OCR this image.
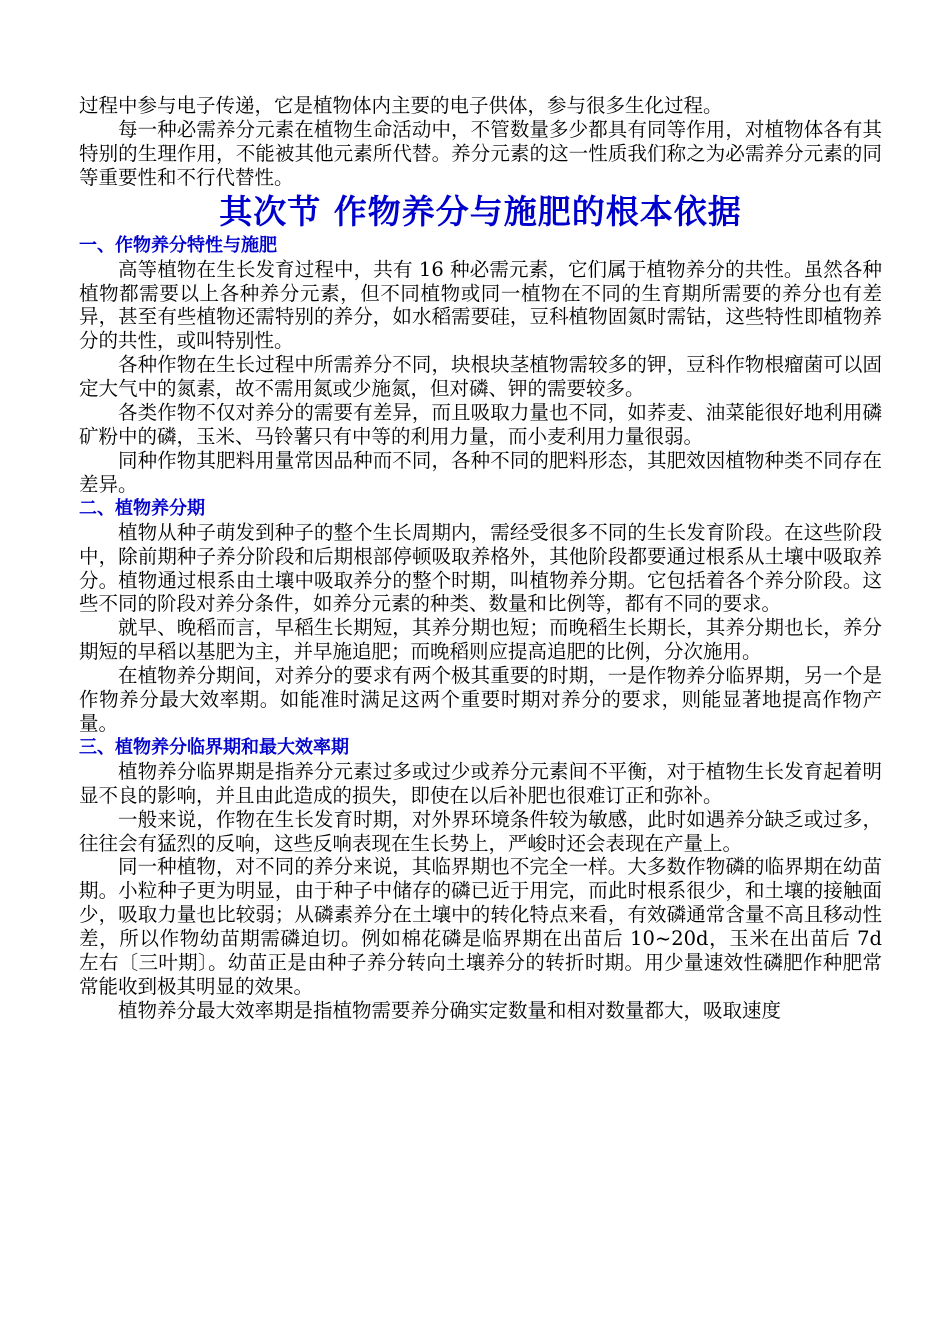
过程中参与电子传递，它是植物体内主要的电子供体，参与很多生化过程。

每一种必需养分元素在植物生命活动中，不管数量多少都具有同等作用，对植物体各有其特别的生理作用，不能被其他元素所代替。养分元素的这一性质我们称之为必需养分元素的同等重要性和不行代替性。

其次节 作物养分与施肥的根本依据
一、作物养分特性与施肥

高等植物在生长发育过程中，共有 16 种必需元素，它们属于植物养分的共性。虽然各种植物都需要以上各种养分元素，但不同植物或同一植物在不同的生育期所需要的养分也有差异，甚至有些植物还需特别的养分，如水稻需要硅，豆科植物固氮时需钴，这些特性即植物养分的共性，或叫特别性。

各种作物在生长过程中所需养分不同，块根块茎植物需较多的钾，豆科作物根瘤菌可以固定大气中的氮素，故不需用氮或少施氮，但对磷、钾的需要较多。

各类作物不仅对养分的需要有差异，而且吸取力量也不同，如荞麦、油菜能很好地利用磷矿粉中的磷，玉米、马铃薯只有中等的利用力量，而小麦利用力量很弱。

同种作物其肥料用量常因品种而不同，各种不同的肥料形态，其肥效因植物种类不同存在差异。

二、植物养分期

植物从种子萌发到种子的整个生长周期内，需经受很多不同的生长发育阶段。在这些阶段中，除前期种子养分阶段和后期根部停顿吸取养格外，其他阶段都要通过根系从土壤中吸取养分。植物通过根系由土壤中吸取养分的整个时期，叫植物养分期。它包括着各个养分阶段。这些不同的阶段对养分条件，如养分元素的种类、数量和比例等，都有不同的要求。

就早、晚稻而言，早稻生长期短，其养分期也短；而晚稻生长期长，其养分期也长，养分期短的早稻以基肥为主，并早施追肥；而晚稻则应提高追肥的比例，分次施用。

在植物养分期间，对养分的要求有两个极其重要的时期，一是作物养分临界期，另一个是作物养分最大效率期。如能准时满足这两个重要时期对养分的要求，则能显著地提高作物产量。

三、植物养分临界期和最大效率期

植物养分临界期是指养分元素过多或过少或养分元素间不平衡，对于植物生长发育起着明显不良的影响，并且由此造成的损失，即使在以后补肥也很难订正和弥补。

一般来说，作物在生长发育时期，对外界环境条件较为敏感，此时如遇养分缺乏或过多，往往会有猛烈的反响，这些反响表现在生长势上，严峻时还会表现在产量上。

同一种植物，对不同的养分来说，其临界期也不完全一样。大多数作物磷的临界期在幼苗期。小粒种子更为明显，由于种子中储存的磷已近于用完，而此时根系很少，和土壤的接触面少，吸取力量也比较弱；从磷素养分在土壤中的转化特点来看，有效磷通常含量不高且移动性差，所以作物幼苗期需磷迫切。例如棉花磷是临界期在出苗后 10~20d，玉米在出苗后 7d 左右〔三叶期〕。幼苗正是由种子养分转向土壤养分的转折时期。用少量速效性磷肥作种肥常常能收到极其明显的效果。

植物养分最大效率期是指植物需要养分确实定数量和相对数量都大，吸取速度
